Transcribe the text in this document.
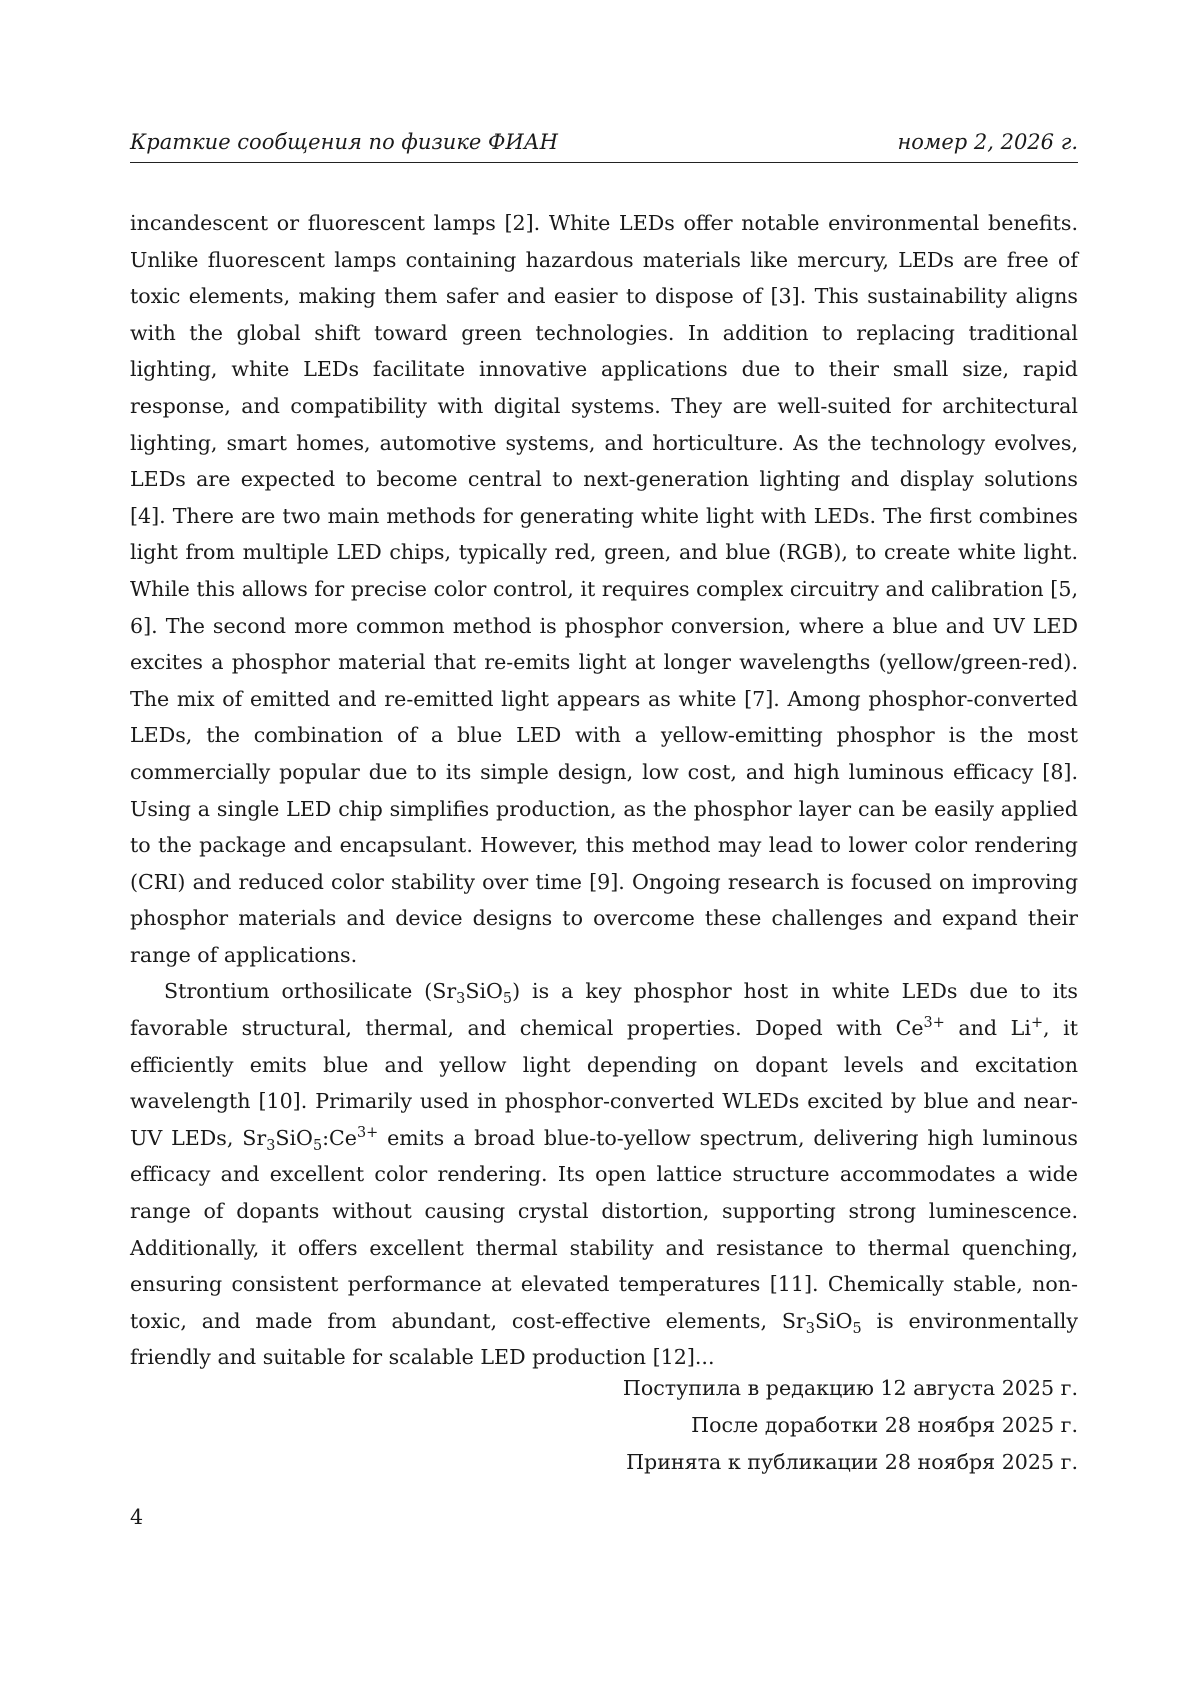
Краткие сообщения по физике ФИАН	номер 2, 2026 г.

incandescent or fluorescent lamps [2]. White LEDs offer notable environmental benefits. Unlike fluorescent lamps containing hazardous materials like mercury, LEDs are free of toxic elements, making them safer and easier to dispose of [3]. This sustainability aligns with the global shift toward green technologies. In addition to replacing traditional lighting, white LEDs facilitate innovative applications due to their small size, rapid response, and compatibility with digital systems. They are well-suited for architectural lighting, smart homes, automotive systems, and horticulture. As the technology evolves, LEDs are expected to become central to next-generation lighting and display solutions [4]. There are two main methods for generating white light with LEDs. The first combines light from multiple LED chips, typically red, green, and blue (RGB), to create white light. While this allows for precise color control, it requires complex circuitry and calibration [5, 6]. The second more common method is phosphor conversion, where a blue and UV LED excites a phosphor material that re-emits light at longer wavelengths (yellow/green-red). The mix of emitted and re-emitted light appears as white [7]. Among phosphor-converted LEDs, the combination of a blue LED with a yellow-emitting phosphor is the most commercially popular due to its simple design, low cost, and high luminous efficacy [8]. Using a single LED chip simplifies production, as the phosphor layer can be easily applied to the package and encapsulant. However, this method may lead to lower color rendering (CRI) and reduced color stability over time [9]. Ongoing research is focused on improving phosphor materials and device designs to overcome these challenges and expand their range of applications.

Strontium orthosilicate $(Sr_3SiO_5)$ is a key phosphor host in white LEDs due to its favorable structural, thermal, and chemical properties. Doped with $Ce^{3+}$ and Li+, it efficiently emits blue and yellow light depending on dopant levels and excitation wavelength [10]. Primarily used in phosphor-converted WLEDs excited by blue and near-UV LEDs, $Sr_3SiO_5:Ce^{3+}$ emits a broad blue-to-yellow spectrum, delivering high luminous efficacy and excellent color rendering. Its open lattice structure accommodates a wide range of dopants without causing crystal distortion, supporting strong luminescence. Additionally, it offers excellent thermal stability and resistance to thermal quenching, ensuring consistent performance at elevated temperatures [11]. Chemically stable, non-toxic, and made from abundant, cost-effective elements, $Sr_3SiO_5$ is environmentally friendly and suitable for scalable LED production [12]...

Поступила в редакцию 12 августа 2025 г.
После доработки 28 ноября 2025 г.
Принята к публикации 28 ноября 2025 г.
4
